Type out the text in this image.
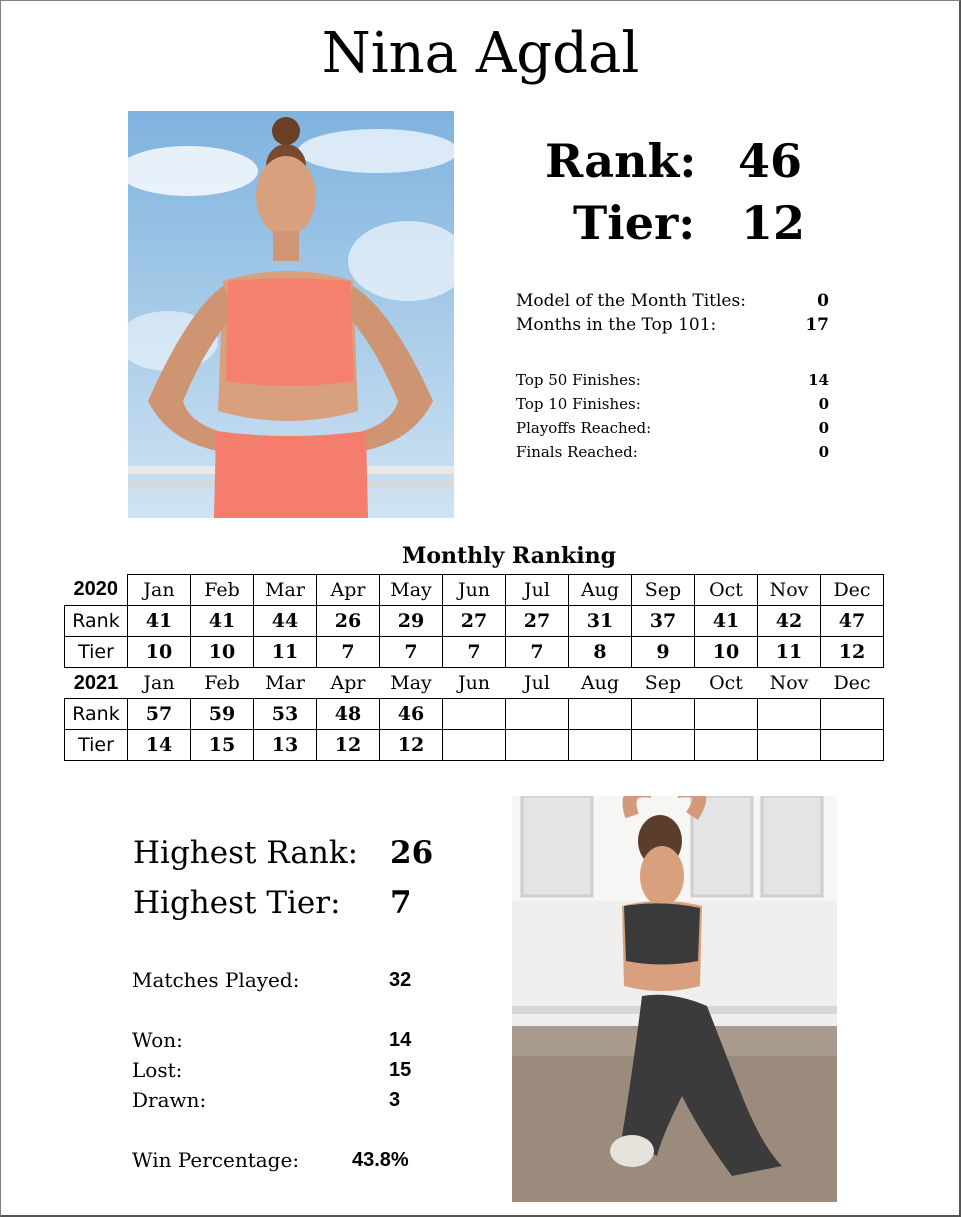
Nina Agdal
Rank: 46
Tier: 12
Model of the Month Titles:	0
Months in the Top 101:	17
Top 50 Finishes:	14
Top 10 Finishes:	0
Playoffs Reached:	0
Finals Reached:	0
Monthly Ranking
2020	Jan	Feb	Mar	Apr	May	Jun	Jul	Aug	Sep	Oct	Nov	Dec
Rank	41	41	44	26	29	27	27	31	37	41	42	47
Tier	10	10	11	7	7	7	7	8	9	10	11	12
2021	Jan	Feb	Mar	Apr	May	Jun	Jul	Aug	Sep	Oct	Nov	Dec
Rank	57	59	53	48	46							
Tier	14	15	13	12	12							
Highest Rank: 26
Highest Tier: 7
Matches Played:	32
Won:	14
Lost:	15
Drawn:	3
Win Percentage:	43.8%
